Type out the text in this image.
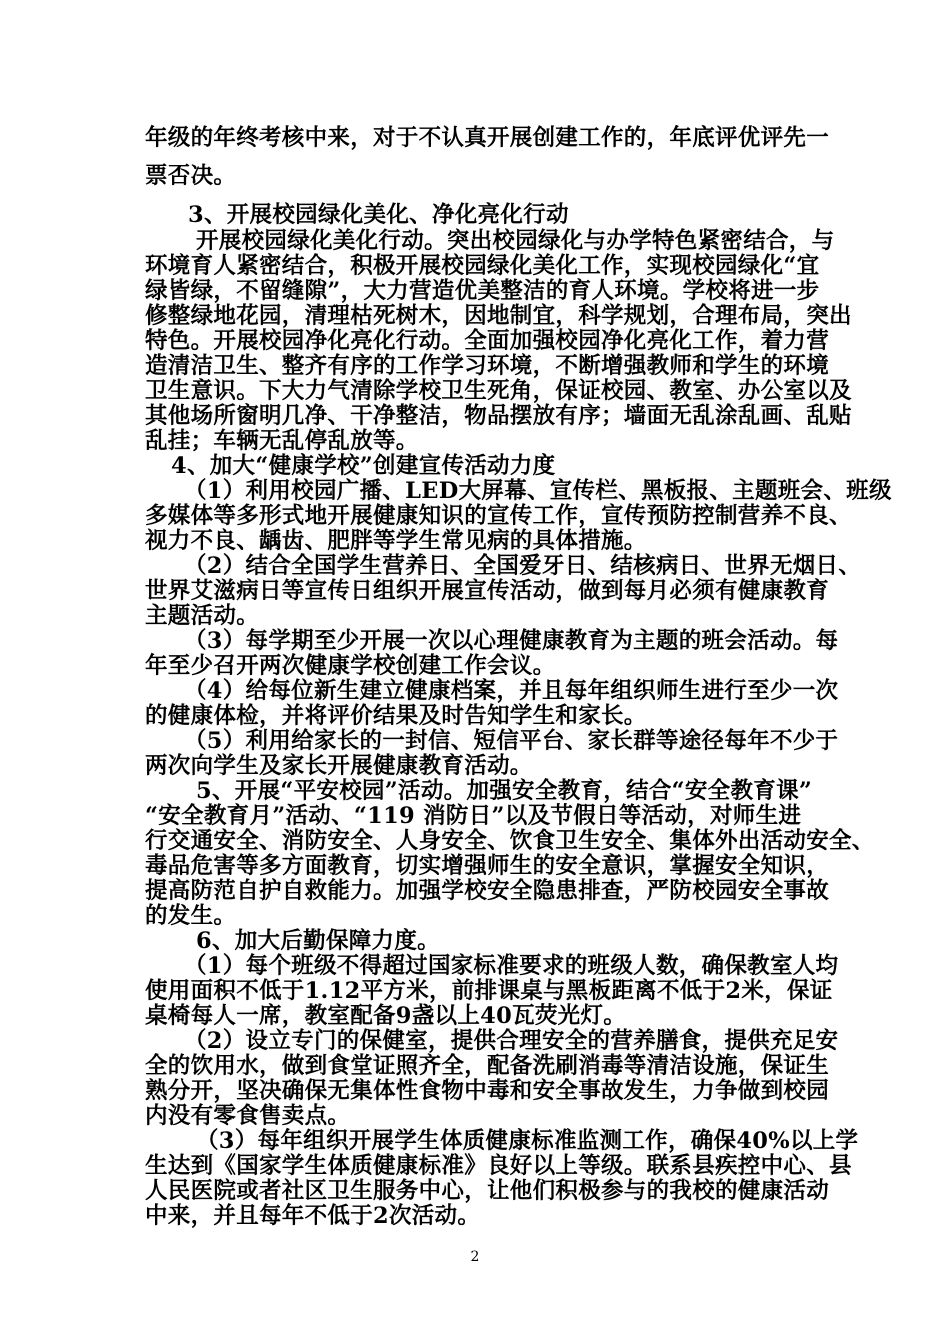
年级的年终考核中来，对于不认真开展创建工作的，年底评优评先一
票否决。
3、开展校园绿化美化、净化亮化行动
开展校园绿化美化行动。突出校园绿化与办学特色紧密结合，与
环境育人紧密结合，积极开展校园绿化美化工作，实现校园绿化“宜
绿皆绿，不留缝隙”，大力营造优美整洁的育人环境。学校将进一步
修整绿地花园，清理枯死树木，因地制宜，科学规划，合理布局，突出
特色。开展校园净化亮化行动。全面加强校园净化亮化工作，着力营
造清洁卫生、整齐有序的工作学习环境，不断增强教师和学生的环境
卫生意识。下大力气清除学校卫生死角，保证校园、教室、办公室以及
其他场所窗明几净、干净整洁，物品摆放有序；墙面无乱涂乱画、乱贴
乱挂；车辆无乱停乱放等。
4、加大“健康学校”创建宣传活动力度
（1）利用校园广播、LED大屏幕、宣传栏、黑板报、主题班会、班级
多媒体等多形式地开展健康知识的宣传工作，宣传预防控制营养不良、
视力不良、龋齿、肥胖等学生常见病的具体措施。
（2）结合全国学生营养日、全国爱牙日、结核病日、世界无烟日、
世界艾滋病日等宣传日组织开展宣传活动，做到每月必须有健康教育
主题活动。
（3）每学期至少开展一次以心理健康教育为主题的班会活动。每
年至少召开两次健康学校创建工作会议。
（4）给每位新生建立健康档案，并且每年组织师生进行至少一次
的健康体检，并将评价结果及时告知学生和家长。
（5）利用给家长的一封信、短信平台、家长群等途径每年不少于
两次向学生及家长开展健康教育活动。
5、开展“平安校园”活动。加强安全教育，结合“安全教育课”
“安全教育月”活动、“119 消防日”以及节假日等活动，对师生进
行交通安全、消防安全、人身安全、饮食卫生安全、集体外出活动安全、
毒品危害等多方面教育，切实增强师生的安全意识，掌握安全知识，
提高防范自护自救能力。加强学校安全隐患排查，严防校园安全事故
的发生。
6、加大后勤保障力度。
（1）每个班级不得超过国家标准要求的班级人数，确保教室人均
使用面积不低于1.12平方米，前排课桌与黑板距离不低于2米，保证
桌椅每人一席，教室配备9盏以上40瓦荧光灯。
（2）设立专门的保健室，提供合理安全的营养膳食，提供充足安
全的饮用水，做到食堂证照齐全，配备洗刷消毒等清洁设施，保证生
熟分开，坚决确保无集体性食物中毒和安全事故发生，力争做到校园
内没有零食售卖点。
（3）每年组织开展学生体质健康标准监测工作，确保40%以上学
生达到《国家学生体质健康标准》良好以上等级。联系县疾控中心、县
人民医院或者社区卫生服务中心，让他们积极参与的我校的健康活动
中来，并且每年不低于2次活动。
2
